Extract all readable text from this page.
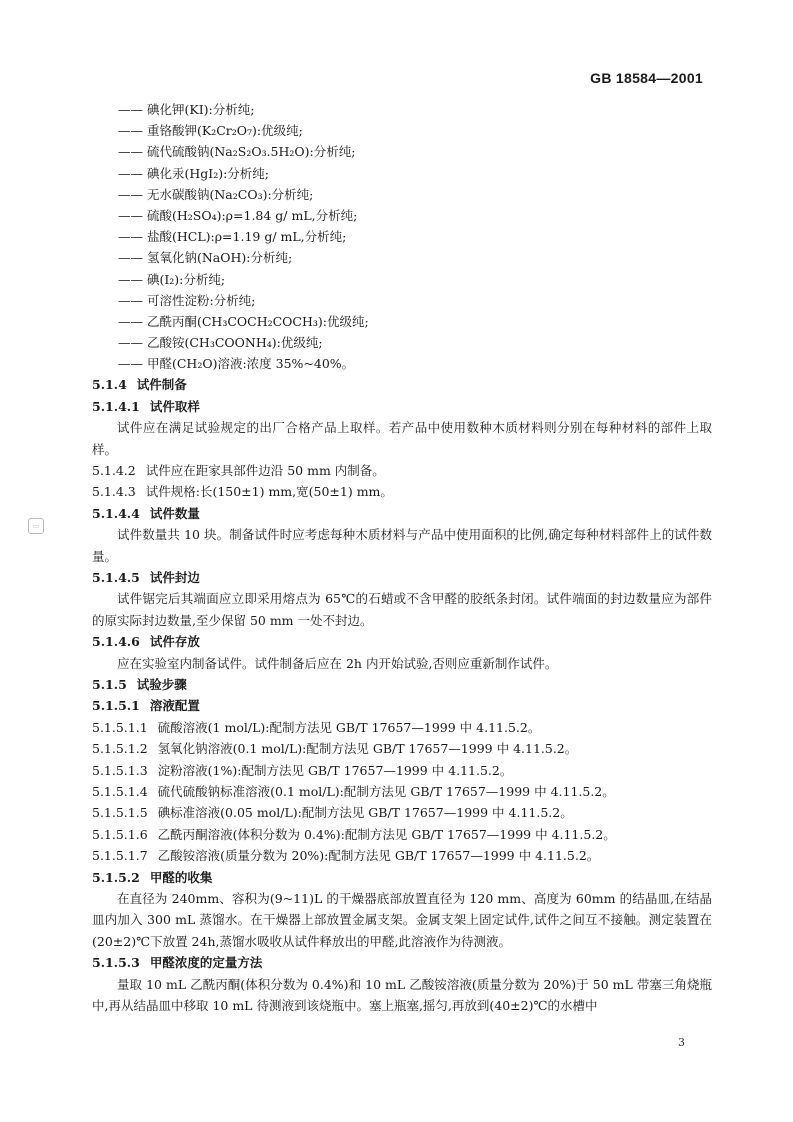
GB 18584—2001
▭
—— 碘化钾(KI):分析纯;
—— 重铬酸钾(K₂Cr₂O₇):优级纯;
—— 硫代硫酸钠(Na₂S₂O₃.5H₂O):分析纯;
—— 碘化汞(HgI₂):分析纯;
—— 无水碳酸钠(Na₂CO₃):分析纯;
—— 硫酸(H₂SO₄):ρ=1.84 g/ mL,分析纯;
—— 盐酸(HCL):ρ=1.19 g/ mL,分析纯;
—— 氢氧化钠(NaOH):分析纯;
—— 碘(I₂):分析纯;
—— 可溶性淀粉:分析纯;
—— 乙酰丙酮(CH₃COCH₂COCH₃):优级纯;
—— 乙酸铵(CH₃COONH₄):优级纯;
—— 甲醛(CH₂O)溶液:浓度 35%~40%。
5.1.4 试件制备
5.1.4.1 试件取样
试件应在满足试验规定的出厂合格产品上取样。若产品中使用数种木质材料则分别在每种材料的部件上取样。
5.1.4.2 试件应在距家具部件边沿 50 mm 内制备。
5.1.4.3 试件规格:长(150±1) mm,宽(50±1) mm。
5.1.4.4 试件数量
试件数量共 10 块。制备试件时应考虑每种木质材料与产品中使用面积的比例,确定每种材料部件上的试件数量。
5.1.4.5 试件封边
试件锯完后其端面应立即采用熔点为 65℃的石蜡或不含甲醛的胶纸条封闭。试件端面的封边数量应为部件的原实际封边数量,至少保留 50 mm 一处不封边。
5.1.4.6 试件存放
应在实验室内制备试件。试件制备后应在 2h 内开始试验,否则应重新制作试件。
5.1.5 试验步骤
5.1.5.1 溶液配置
5.1.5.1.1 硫酸溶液(1 mol/L):配制方法见 GB/T 17657—1999 中 4.11.5.2。
5.1.5.1.2 氢氧化钠溶液(0.1 mol/L):配制方法见 GB/T 17657—1999 中 4.11.5.2。
5.1.5.1.3 淀粉溶液(1%):配制方法见 GB/T 17657—1999 中 4.11.5.2。
5.1.5.1.4 硫代硫酸钠标准溶液(0.1 mol/L):配制方法见 GB/T 17657—1999 中 4.11.5.2。
5.1.5.1.5 碘标准溶液(0.05 mol/L):配制方法见 GB/T 17657—1999 中 4.11.5.2。
5.1.5.1.6 乙酰丙酮溶液(体积分数为 0.4%):配制方法见 GB/T 17657—1999 中 4.11.5.2。
5.1.5.1.7 乙酸铵溶液(质量分数为 20%):配制方法见 GB/T 17657—1999 中 4.11.5.2。
5.1.5.2 甲醛的收集
在直径为 240mm、容积为(9~11)L 的干燥器底部放置直径为 120 mm、高度为 60mm 的结晶皿,在结晶皿内加入 300 mL 蒸馏水。在干燥器上部放置金属支架。金属支架上固定试件,试件之间互不接触。测定装置在(20±2)℃下放置 24h,蒸馏水吸收从试件释放出的甲醛,此溶液作为待测液。
5.1.5.3 甲醛浓度的定量方法
量取 10 mL 乙酰丙酮(体积分数为 0.4%)和 10 mL 乙酸铵溶液(质量分数为 20%)于 50 mL 带塞三角烧瓶中,再从结晶皿中移取 10 mL 待测液到该烧瓶中。塞上瓶塞,摇匀,再放到(40±2)℃的水槽中
3
